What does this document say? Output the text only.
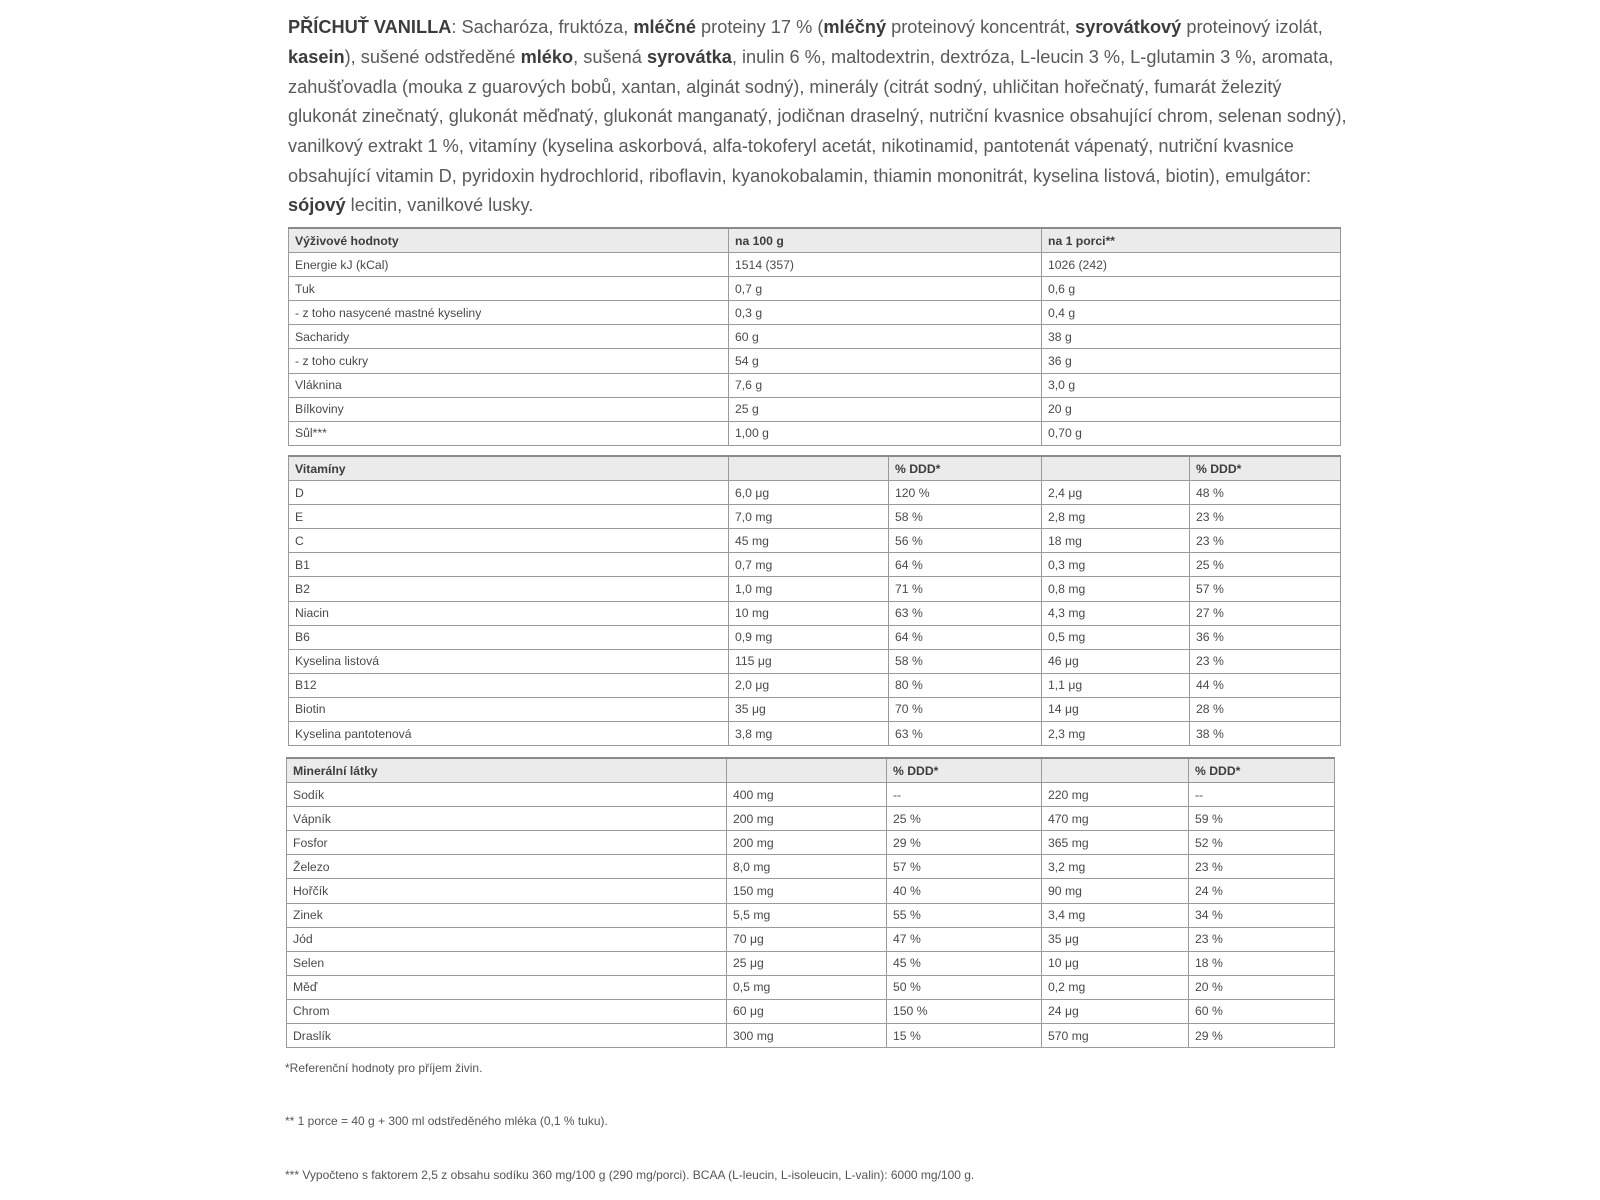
PŘÍCHUŤ VANILLA: Sacharóza, fruktóza, mléčné proteiny 17 % (mléčný proteinový koncentrát, syrovátkový proteinový izolát, kasein), sušené odstředěné mléko, sušená syrovátka, inulin 6 %, maltodextrin, dextróza, L-leucin 3 %, L-glutamin 3 %, aromata, zahušťovadla (mouka z guarových bobů, xantan, alginát sodný), minerály (citrát sodný, uhličitan hořečnatý, fumarát železitý glukonát zinečnatý, glukonát měďnatý, glukonát manganatý, jodičnan draselný, nutriční kvasnice obsahující chrom, selenan sodný), vanilkový extrakt 1 %, vitamíny (kyselina askorbová, alfa-tokoferyl acetát, nikotinamid, pantotenát vápenatý, nutriční kvasnice obsahující vitamin D, pyridoxin hydrochlorid, riboflavin, kyanokobalamin, thiamin mononitrát, kyselina listová, biotin), emulgátor: sójový lecitin, vanilkové lusky.

Výživové hodnoty	na 100 g	na 1 porci**
Energie kJ (kCal)	1514 (357)	1026 (242)
Tuk	0,7 g	0,6 g
- z toho nasycené mastné kyseliny	0,3 g	0,4 g
Sacharidy	60 g	38 g
- z toho cukry	54 g	36 g
Vláknina	7,6 g	3,0 g
Bílkoviny	25 g	20 g
Sůl***	1,00 g	0,70 g
Vitamíny		% DDD*		% DDD*
D	6,0 μg	120 %	2,4 μg	48 %
E	7,0 mg	58 %	2,8 mg	23 %
C	45 mg	56 %	18 mg	23 %
B1	0,7 mg	64 %	0,3 mg	25 %
B2	1,0 mg	71 %	0,8 mg	57 %
Niacin	10 mg	63 %	4,3 mg	27 %
B6	0,9 mg	64 %	0,5 mg	36 %
Kyselina listová	115 μg	58 %	46 μg	23 %
B12	2,0 μg	80 %	1,1 μg	44 %
Biotin	35 μg	70 %	14 μg	28 %
Kyselina pantotenová	3,8 mg	63 %	2,3 mg	38 %
Minerální látky		% DDD*		% DDD*
Sodík	400 mg	--	220 mg	--
Vápník	200 mg	25 %	470 mg	59 %
Fosfor	200 mg	29 %	365 mg	52 %
Železo	8,0 mg	57 %	3,2 mg	23 %
Hořčík	150 mg	40 %	90 mg	24 %
Zinek	5,5 mg	55 %	3,4 mg	34 %
Jód	70 μg	47 %	35 μg	23 %
Selen	25 μg	45 %	10 μg	18 %
Měď	0,5 mg	50 %	0,2 mg	20 %
Chrom	60 μg	150 %	24 μg	60 %
Draslík	300 mg	15 %	570 mg	29 %
*Referenční hodnoty pro příjem živin.
** 1 porce = 40 g + 300 ml odstředěného mléka (0,1 % tuku).
*** Vypočteno s faktorem 2,5 z obsahu sodíku 360 mg/100 g (290 mg/porci). BCAA (L-leucin, L-isoleucin, L-valin): 6000 mg/100 g.
